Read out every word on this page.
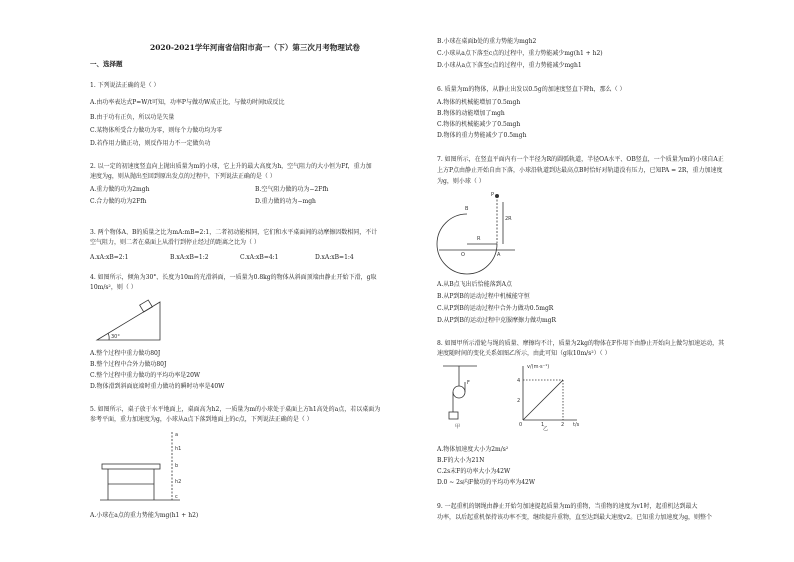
2020-2021学年河南省信阳市高一（下）第三次月考物理试卷
一、选择题
1. 下列说法正确的是（ ）
A.由功率表达式P=W/t可知，功率P与做功W成正比，与做功时间t成反比
B.由于功有正负，所以功是矢量
C.某物体所受合力做功为零，则每个力做功均为零
D.若作用力做正功，则反作用力不一定做负功
2. 以一定的初速度竖直向上抛出质量为m的小球，它上升的最大高度为h，空气阻力的大小恒为Ff，重力加
速度为g，则从抛出至回到原出发点的过程中，下列说法正确的是（ ）
A.重力做的功为2mgh	B.空气阻力做的功为−2Ffh
C.合力做的功为2Ffh	D.重力做的功为−mgh
3. 两个物体A、B的质量之比为mA:mB=2:1，二者初动能相同，它们和水平桌面间的动摩擦因数相同，不计
空气阻力，则二者在桌面上从滑行到停止经过的距离之比为（ ）
A.xA:xB=2:1	B.xA:xB=1:2	C.xA:xB=4:1	D.xA:xB=1:4
4. 如图所示，倾角为30°、长度为10m的光滑斜面，一质量为0.8kg的物体从斜面顶端由静止开始下滑，g取
10m/s²，则（ ）
30°
A.整个过程中重力做功80J
B.整个过程中合外力做功80J
C.整个过程中重力做功的平均功率是20W
D.物体滑到斜面底端时重力做功的瞬时功率是40W
5. 如图所示，桌子放于水平地面上，桌面高为h2，一质量为m的小球处于桌面上方h1高处的a点，若以桌面为
参考平面，重力加速度为g，小球从a点下落到地面上的c点，下列说法正确的是（ ）
a
h1
b
h2
c
A.小球在a点的重力势能为mg(h1 + h2)
B.小球在桌面b处的重力势能为mgh2
C.小球从a点下落至c点的过程中，重力势能减少mg(h1 + h2)
D.小球从a点下落至c点的过程中，重力势能减少mgh1
6. 质量为m的物体，从静止出发以0.5g的加速度竖直下降h，那么（ ）
A.物体的机械能增加了0.5mgh
B.物体的动能增加了mgh
C.物体的机械能减少了0.5mgh
D.物体的重力势能减少了0.5mgh
7. 如图所示，在竖直平面内有一个半径为R的圆弧轨道，半径OA水平、OB竖直，一个质量为m的小球自A正
上方P点由静止开始自由下落，小球沿轨道到达最高点B时恰好对轨道没有压力，已知PA = 2R，重力加速度
为g，则小球（ ）
P
2R
B
R
O	A
A.从B点飞出后恰能落到A点
B.从P到B的运动过程中机械能守恒
C.从P到B的运动过程中合外力做功0.5mgR
D.从P到B的运动过程中克服摩擦力做功mgR
8. 如图甲所示滑轮与绳的质量、摩擦均不计，质量为2kg的物体在F作用下由静止开始向上做匀加速运动，其
速度随时间的变化关系如图乙所示，由此可知（g取10m/s²）（ ）
F
甲
v/(m·s⁻¹)
4
2
0	1	2 t/s
乙
A.物体加速度大小为2m/s²
B.F的大小为21N
C.2s末F的功率大小为42W
D.0 ~ 2s内F做功的平均功率为42W
9. 一起重机的钢绳由静止开始匀加速提起质量为m的重物，当重物的速度为v1时，起重机达到最大
功率，以后起重机保持该功率不变，继续提升重物，直至达到最大速度v2。已知重力加速度为g，则整个
